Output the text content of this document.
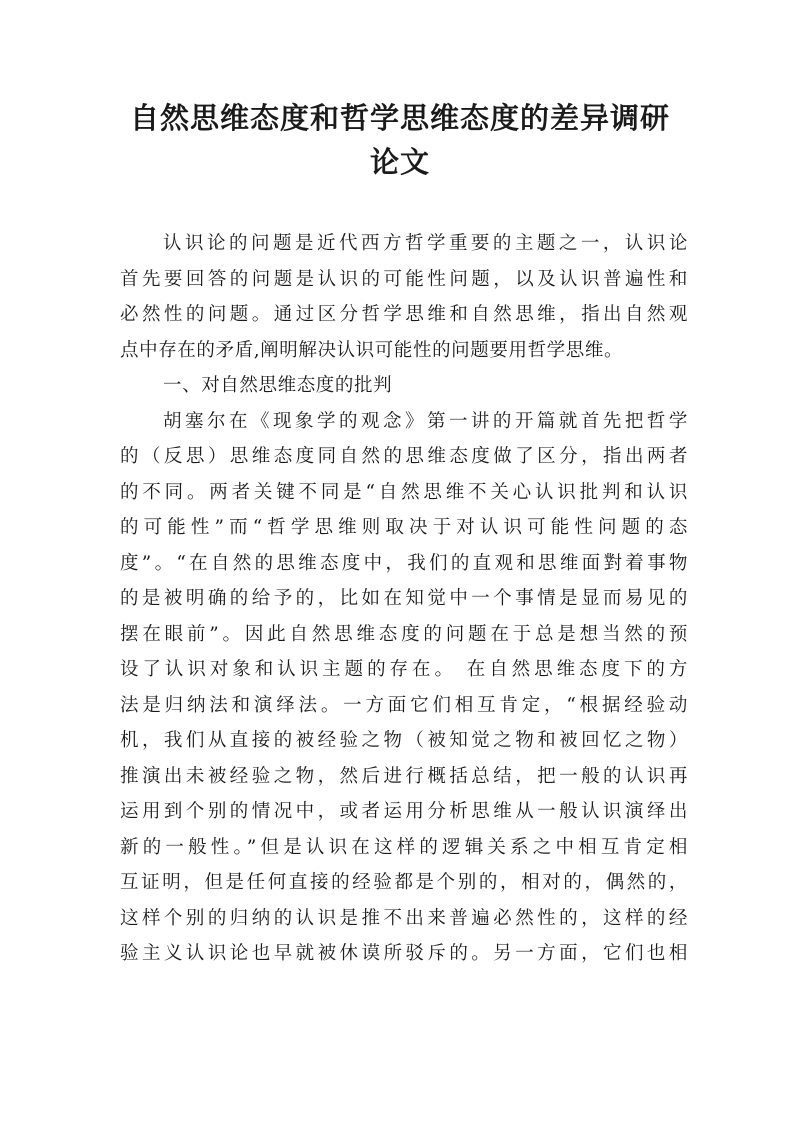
自然思维态度和哲学思维态度的差异调研
论文
认识论的问题是近代西方哲学重要的主题之一，认识论
首先要回答的问题是认识的可能性问题，以及认识普遍性和
必然性的问题。通过区分哲学思维和自然思维，指出自然观
点中存在的矛盾,阐明解决认识可能性的问题要用哲学思维。
一、对自然思维态度的批判
胡塞尔在《现象学的观念》第一讲的开篇就首先把哲学
的（反思）思维态度同自然的思维态度做了区分，指出两者
的不同。两者关键不同是“自然思维不关心认识批判和认识
的可能性”而“哲学思维则取决于对认识可能性问题的态
度”。“在自然的思维态度中，我们的直观和思维面對着事物
的是被明确的给予的，比如在知觉中一个事情是显而易见的
摆在眼前”。因此自然思维态度的问题在于总是想当然的预
设了认识对象和认识主题的存在。 在自然思维态度下的方
法是归纳法和演绎法。一方面它们相互肯定，“根据经验动
机，我们从直接的被经验之物（被知觉之物和被回忆之物）
推演出未被经验之物，然后进行概括总结，把一般的认识再
运用到个别的情况中，或者运用分析思维从一般认识演绎出
新的一般性。”但是认识在这样的逻辑关系之中相互肯定相
互证明，但是任何直接的经验都是个别的，相对的，偶然的，
这样个别的归纳的认识是推不出来普遍必然性的，这样的经
验主义认识论也早就被休谟所驳斥的。另一方面，它们也相
